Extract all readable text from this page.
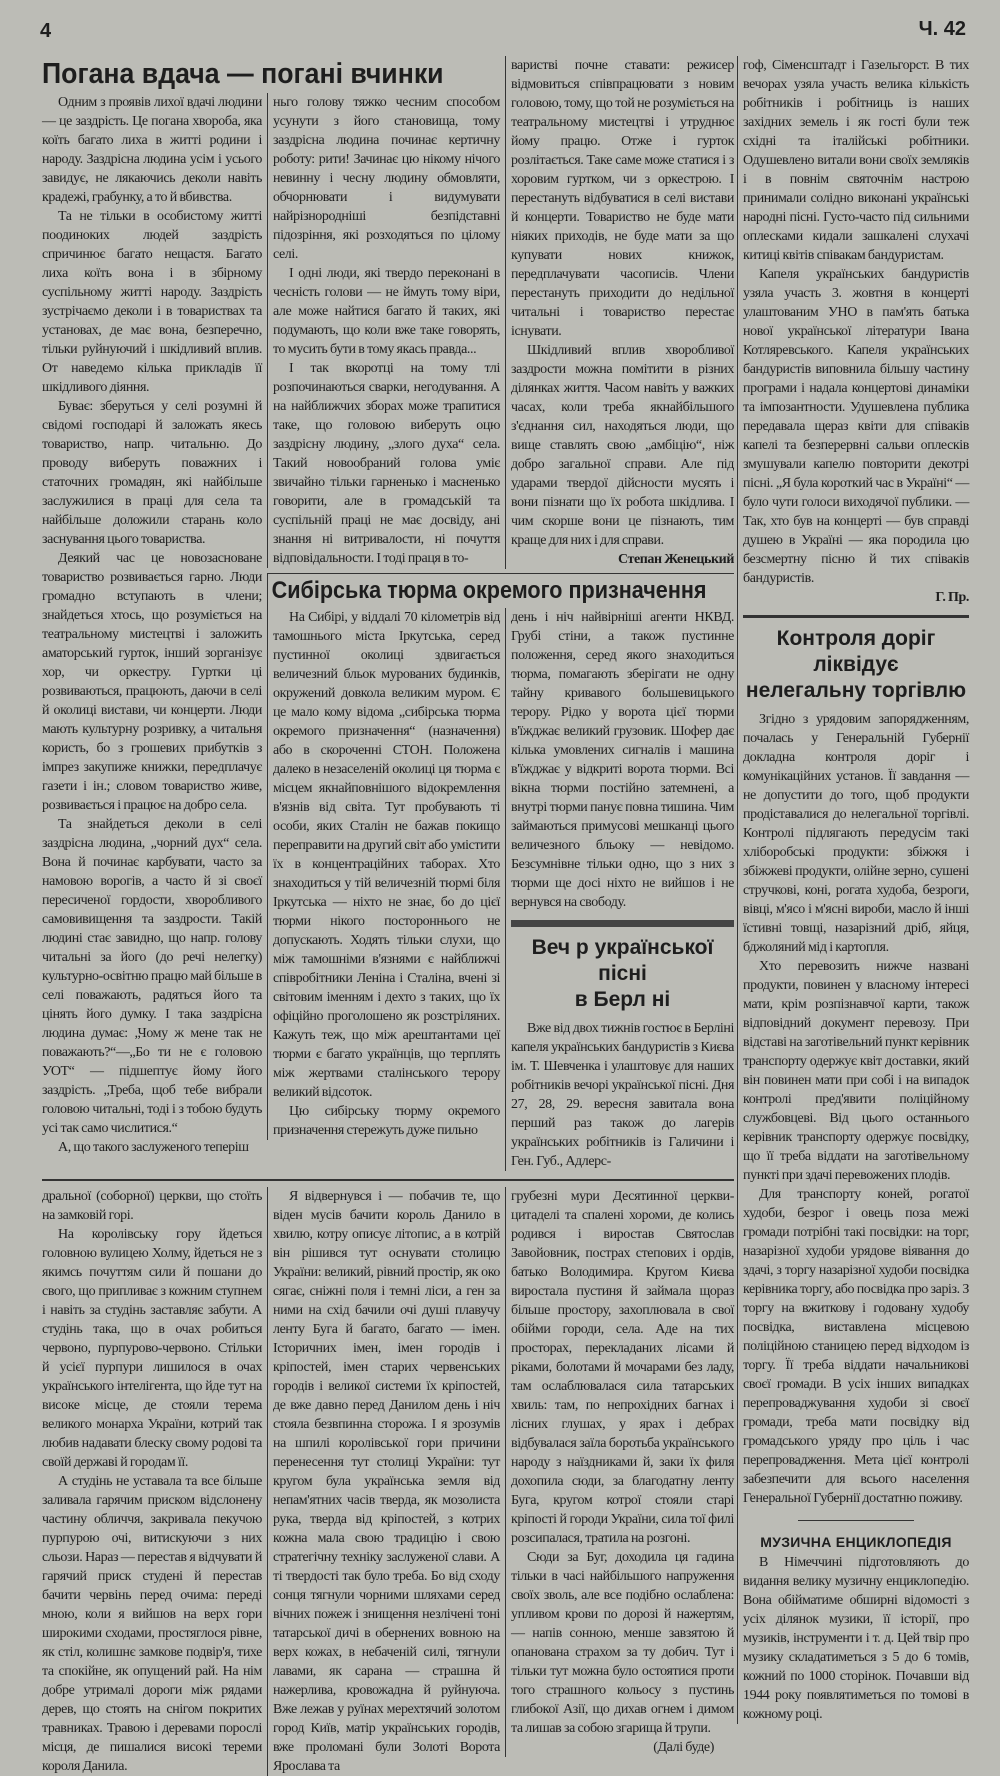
4	Ч. 42
Погана вдача — погані вчинки

Одним з проявів лихої вдачі людини — це заздрість. Це погана хвороба, яка коїть багато лиха в житті родини і народу. Заздрісна людина усім і усього завидує, не лякаючись деколи навіть крадежі, грабунку, а то й вбивства.

Та не тільки в особистому житті поодиноких людей заздрість спричинює багато нещастя. Багато лиха коїть вона і в збірному суспільному житті народу. Заздрість зустрічаємо деколи і в товариствах та установах, де має вона, безперечно, тільки руйнуючий і шкідливий вплив. От наведемо кілька прикладів її шкідливого діяння.

Буває: зберуться у селі розумні й свідомі господарі й заложать якесь товариство, напр. читальню. До проводу виберуть поважних і статочних громадян, які найбільше заслужилися в праці для села та найбільше доложили старань коло заснування цього товариства.

Деякий час це новозасноване товариство розвивається гарно. Люди громадно вступають в члени; знайдеться хтось, що розуміється на театральному мистецтві і заложить аматорський гурток, інший зорганізує хор, чи оркестру. Гуртки ці розвиваються, працюють, даючи в селі й околиці вистави, чи концерти. Люди мають культурну розривку, а читальня користь, бо з грошевих прибутків з імпрез закупиже книжки, передплачує газети і ін.; словом товариство живе, розвивається і працює на добро села.

Та знайдеться деколи в селі заздрісна людина, „чорний дух“ села. Вона й починає карбувати, часто за намовою ворогів, а часто й зі своєї пересиченої гордости, хворобливого самовивищення та заздрости. Такій людині стає завидно, що напр. голову читальні за його (до речі нелегку) культурно-освітню працю май більше в селі поважають, радяться його та цінять його думку. І така заздрісна людина думає: „Чому ж мене так не поважають?“—„Бо ти не є головою УОТ“ — підшептує йому його заздрість. „Треба, щоб тебе вибрали головою читальні, тоді і з тобою будуть усі так само числитися.“

А, що такого заслуженого теперіш

ньго голову тяжко чесним способом усунути з його становища, тому заздрісна людина починає кертичну роботу: рити! Зачинає цю нікому нічого невинну і чесну людину обмовляти, обчорнювати і видумувати найрізнородніші безпідставні підозріння, які розходяться по цілому селі.

І одні люди, які твердо переконані в чесність голови — не ймуть тому віри, але може найтися багато й таких, які подумають, що коли вже таке говорять, то мусить бути в тому якась правда...

І так вкоротці на тому тлі розпочинаються сварки, негодування. А на найближчих зборах може трапитися таке, що головою виберуть оцю заздрісну людину, „злого духа“ села. Такий новообраний голова уміє звичайно тільки гарненько і масненько говорити, але в громадській та суспільній праці не має досвіду, ані знання ні витривалости, ні почуття відповідальности. І тоді праця в то-

варистві почне ставати: режисер відмовиться співпрацювати з новим головою, тому, що той не розуміється на театральному мистецтві і утруднює йому працю. Отже і гурток розлітається. Таке саме може статися і з хоровим гуртком, чи з оркестрою. І перестануть відбуватися в селі вистави й концерти. Товариство не буде мати ніяких приходів, не буде мати за що купувати нових книжок, передплачувати часописів. Члени перестануть приходити до недільної читальні і товариство перестає існувати.

Шкідливий вплив хворобливої заздрости можна помітити в різних ділянках життя. Часом навіть у важких часах, коли треба якнайбільшого з'єднання сил, находяться люди, що вище ставлять свою „амбіцію“, ніж добро загальної справи. Але під ударами твердої дійсности мусять і вони пізнати що їх робота шкідлива. І чим скорше вони це пізнають, тим краще для них і для справи.

Степан Женецький

Сибірська тюрма окремого призначення

На Сибірі, у віддалі 70 кілометрів від тамошнього міста Іркутська, серед пустинної околиці здвигається величезний бльок мурованих будинків, окружений довкола великим муром. Є це мало кому відома „сибірська тюрма окремого призначення“ (назначення) або в скороченні СТОН. Положена далеко в незаселеній околиці ця тюрма є місцем якнайповнішого відокремлення в'язнів від світа. Тут пробувають ті особи, яких Сталін не бажав покищо переправити на другий світ або умістити їх в концентраційних таборах. Хто знаходиться у тій величезній тюрмі біля Іркутська — ніхто не знає, бо до цієї тюрми нікого постороннього не допускають. Ходять тільки слухи, що між тамошніми в'язнями є найближчі співробітники Леніна і Сталіна, вчені зі світовим іменням і дехто з таких, що їх офіційно проголошено як розстріляних. Кажуть теж, що між арештантами цеї тюрми є багато українців, що терплять між жертвами сталінського терору великий відсоток.

Цю сибірську тюрму окремого призначення стережуть дуже пильно

день і ніч найвірніші агенти НКВД. Грубі стіни, а також пустинне положення, серед якого знаходиться тюрма, помагають зберігати не одну тайну кривавого большевицького терору. Рідко у ворота цієї тюрми в'їжджає великий грузовик. Шофер дає кілька умовлених сигналів і машина в'їжджає у відкриті ворота тюрми. Всі вікна тюрми постійно затемнені, а внутрі тюрми панує повна тишина. Чим займаються примусові мешканці цього величезного бльоку — невідомо. Безсумнівне тільки одно, що з них з тюрми ще досі ніхто не вийшов і не вернувся на свободу.

Веч р української пісні
в Берл ні

Вже від двох тижнів гостює в Берліні капеля українських бандуристів з Києва ім. Т. Шевченка і улаштовує для наших робітників вечорі української пісні. Дня 27, 28, 29. вересня завитала вона перший раз також до лагерів українських робітників із Галичини і Ген. Губ., Адлерс-

дральної (соборної) церкви, що стоїть на замковій горі.

На королівську гору йдеться головною вулицею Холму, йдеться не з якимсь почуттям сили й пошани до свого, що припливає з кожним ступнем і навіть за студінь заставляє забути. А студінь така, що в очах робиться червоно, пурпурово-червоно. Стільки й усієї пурпури лишилося в очах українського інтелігента, що йде тут на високе місце, де стояли терема великого монарха України, котрий так любив надавати блеску свому родові та своїй державі й городам її.

А студінь не уставала та все більше заливала гарячим приском відслонену частину обличчя, закривала пекучою пурпурою очі, витискуючи з них сльози. Нараз — перестав я відчувати й гарячий приск студені й перестав бачити червінь перед очима: переді мною, коли я вийшов на верх гори широкими сходами, простяглося рівне, як стіл, колишнє замкове подвір'я, тихе та спокійне, як опущений рай. На нім добре утрималі дороги між рядами дерев, що стоять на снігом покритих травниках. Травою і деревами порослі місця, де пишалися високі тереми короля Данила.

Я відвернувся і — побачив те, що віден мусів бачити король Данило в хвилю, котру описує літопис, а в котрій він рішився тут оснувати столицю України: великий, рівний простір, як око сягає, сніжні поля і темні ліси, а ген за ними на схід бачили очі душі плавучу ленту Буга й багато, багато — імен. Історичних імен, імен городів і кріпостей, імен старих червенських городів і великої системи їх кріпостей, де вже давно перед Данилом день і ніч стояла безвпинна сторожа. І я зрозумів на шпилі королівської гори причини перенесення тут столиці України: тут кругом була українська земля від непам'ятних часів тверда, як мозолиста рука, тверда від кріпостей, з котрих кожна мала свою традицію і свою стратегічну техніку заслуженої слави. А ті твердості так було треба. Бо від сходу сонця тягнули чорними шляхами серед вічних пожеж і знищення незлічені тоні татарської дичі в обернених вовною на верх кожах, в небаченій силі, тягнули лавами, як сарана — страшна й нажерлива, кровожадна й руйнуюча. Вже лежав у руїнах мерехтячий золотом город Київ, матір українських городів, вже проломані були Золоті Ворота Ярослава та

грубезні мури Десятинної церкви-цитаделі та спалені хороми, де колись родився і виростав Святослав Завойовник, пострах степових і ордів, батько Володимира. Кругом Києва виростала пустиня й займала щораз більше простору, захоплювала в свої обійми городи, села. Аде на тих просторах, перекладаних лісами й ріками, болотами й мочарами без ладу, там ослаблювалася сила татарських хвиль: там, по непрохідних багнах і лісних глушах, у ярах і дебрах відбувалася заїла боротьба українського народу з наїздниками й, заки їх филя дохопила сюди, за благодатну ленту Буга, кругом котрої стояли старі кріпості й городи України, сила тої филі розсипалася, тратила на розгоні.

Сюди за Буг, доходила ця гадина тільки в часі найбільшого напруження своїх зволь, але все подібно ослаблена: упливом крови по дорозі й нажертям, — напів сонною, менше завзятою й опанована страхом за ту добич. Тут і тільки тут можна було остоятися проти того страшного кольосу з пустинь глибокої Азії, що дихав огнем і димом та лишав за собою згарища й трупи.

(Далі буде)

гоф, Сіменсштадт і Газельгорст. В тих вечорах узяла участь велика кількість робітників і робітниць із наших західних земель і як гості були теж східні та італійські робітники. Одушевлено витали вони своїх земляків і в повнім святочнім настрою принимали солідно виконані українські народні пісні. Густо-часто під сильними оплесками кидали зашкалені слухачі китиці квітів співакам бандуристам.

Капеля українських бандуристів узяла участь 3. жовтня в концерті улаштованим УНО в пам'ять батька нової української літератури Івана Котляревського. Капеля українських бандуристів виповнила більшу частину програми і надала концертові динаміки та імпозантности. Удушевлена публика передавала щераз квіти для співаків капелі та безперервні сальви оплесків змушували капелю повторити декотрі пісні. „Я була короткий час в Україні“ — було чути голоси виходячої публики. — Так, хто був на концерті — був справді душею в Україні — яка породила цю безсмертну пісню й тих співаків бандуристів.

Г. Пр.

Контроля доріг ліквідує
нелегальну торгівлю

Згідно з урядовим запорядженням, почалась у Генеральній Губернії докладна контроля доріг і комунікаційних установ. Її завдання — не допустити до того, щоб продукти продіставалися до нелегальної торгівлі. Контролі підлягають передусім такі хліборобські продукти: збіжжя і збіжжеві продукти, олійне зерно, сушені стручкові, коні, рогата худоба, безроги, вівці, м'ясо і м'ясні вироби, масло й інші їстивні товщі, назарізний дріб, яйця, бджоляний мід і картопля.

Хто перевозить нижче названі продукти, повинен у власному інтересі мати, крім розпізнавчої карти, також відповідний документ перевозу. При відставі на заготівельний пункт керівник транспорту одержує квіт доставки, який він повинен мати при собі і на випадок контролі пред'явити поліційному службовцеві. Від цього останнього керівник транспорту одержує посвідку, що її треба віддати на заготівельному пункті при здачі перевожених плодів.

Для транспорту коней, рогатої худоби, безрог і овець поза межі громади потрібні такі посвідки: на торг, назарізної худоби урядове віявання до здачі, з торгу назарізної худоби посвідка керівника торгу, або посвідка про заріз. З торгу на вжиткову і годовану худобу посвідка, виставлена місцевою поліційною станицею перед відходом із торгу. Її треба віддати начальникові своєї громади. В усіх інших випадках перепроваджування худоби зі своєї громади, треба мати посвідку від громадського уряду про ціль і час перепровадження. Мета цієї контролі забезпечити для всього населення Генеральної Губернії достатню поживу.

МУЗИЧНА ЕНЦИКЛОПЕДІЯ

В Німеччині підготовляють до видання велику музичну енциклопедію. Вона обійматиме обширні відомості з усіх ділянок музики, її історії, про музиків, інструменти і т. д. Цей твір про музику складатиметься з 5 до 6 томів, кожний по 1000 сторінок. Почавши від 1944 року появлятиметься по томові в кожному році.
